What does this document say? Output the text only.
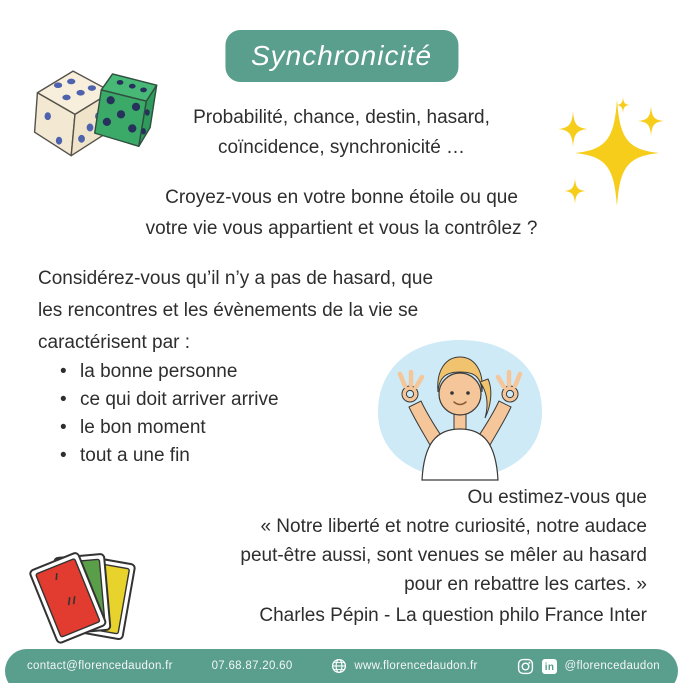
Synchronicité
Probabilité, chance, destin, hasard,
coïncidence, synchronicité …
Croyez-vous en votre bonne étoile ou que
votre vie vous appartient et vous la contrôlez ?
Considérez-vous qu’il n’y a pas de hasard, que
les rencontres et les évènements de la vie se
caractérisent par :
• la bonne personne
• ce qui doit arriver arrive
• le bon moment
• tout a une fin
Ou estimez-vous que
« Notre liberté et notre curiosité, notre audace
peut-être aussi, sont venues se mêler au hasard
pour en rebattre les cartes. »
Charles Pépin - La question philo France Inter
contact@florencedaudon.fr	07.68.87.20.60	www.florencedaudon.fr	in @florencedaudon
